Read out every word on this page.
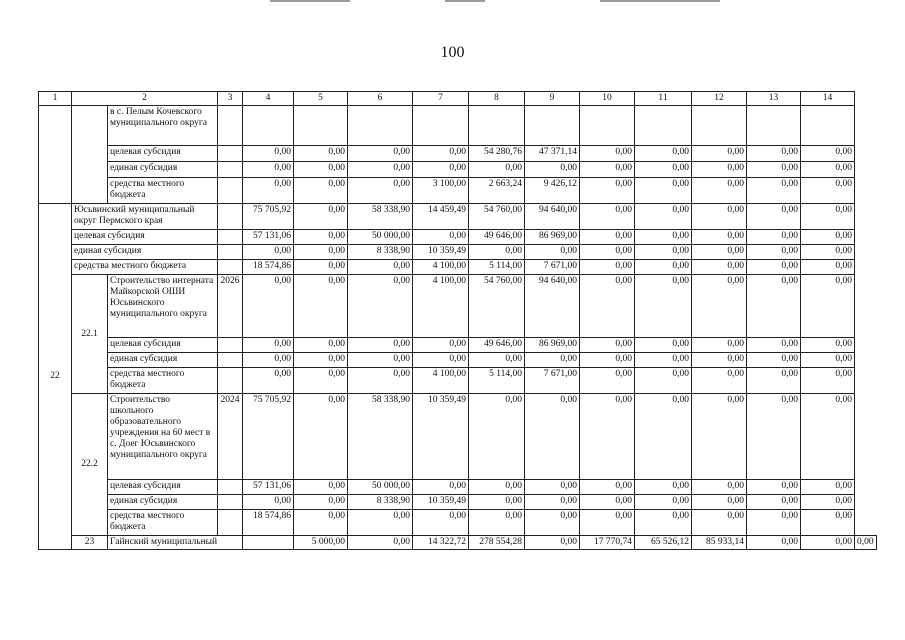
100
1	2		3	4	5	6	7	8	9	10	11	12	13	14	
		в с. Пелым Кочевского муниципального округа													
		целевая субсидия		0,00	0,00	0,00	0,00	54 280,76	47 371,14	0,00	0,00	0,00	0,00	0,00	
		единая субсидия		0,00	0,00	0,00	0,00	0,00	0,00	0,00	0,00	0,00	0,00	0,00	
		средства местного бюджета		0,00	0,00	0,00	3 100,00	2 663,24	9 426,12	0,00	0,00	0,00	0,00	0,00	
22	Юсьвинский муниципальный округ Пермского края			75 705,92	0,00	58 338,90	14 459,49	54 760,00	94 640,00	0,00	0,00	0,00	0,00	0,00	
	целевая субсидия			57 131,06	0,00	50 000,00	0,00	49 646,00	86 969,00	0,00	0,00	0,00	0,00	0,00	
	единая субсидия			0,00	0,00	8 338,90	10 359,49	0,00	0,00	0,00	0,00	0,00	0,00	0,00	
	средства местного бюджета			18 574,86	0,00	0,00	4 100,00	5 114,00	7 671,00	0,00	0,00	0,00	0,00	0,00	
	22.1	Строительство интерната Майкорской ОШИ Юсьвинского муниципального округа	2026	0,00	0,00	0,00	4 100,00	54 760,00	94 640,00	0,00	0,00	0,00	0,00	0,00	
		целевая субсидия		0,00	0,00	0,00	0,00	49 646,00	86 969,00	0,00	0,00	0,00	0,00	0,00	
		единая субсидия		0,00	0,00	0,00	0,00	0,00	0,00	0,00	0,00	0,00	0,00	0,00	
		средства местного бюджета		0,00	0,00	0,00	4 100,00	5 114,00	7 671,00	0,00	0,00	0,00	0,00	0,00	
	22.2	Строительство школьного образовательного учреждения на 60 мест в с. Доег Юсьвинского муниципального округа	2024	75 705,92	0,00	58 338,90	10 359,49	0,00	0,00	0,00	0,00	0,00	0,00	0,00	
		целевая субсидия		57 131,06	0,00	50 000,00	0,00	0,00	0,00	0,00	0,00	0,00	0,00	0,00	
		единая субсидия		0,00	0,00	8 338,90	10 359,49	0,00	0,00	0,00	0,00	0,00	0,00	0,00	
		средства местного бюджета		18 574,86	0,00	0,00	0,00	0,00	0,00	0,00	0,00	0,00	0,00	0,00	
	23	Гайнский муниципальный			5 000,00	0,00	14 322,72	278 554,28	0,00	17 770,74	65 526,12	85 933,14	0,00	0,00	0,00
